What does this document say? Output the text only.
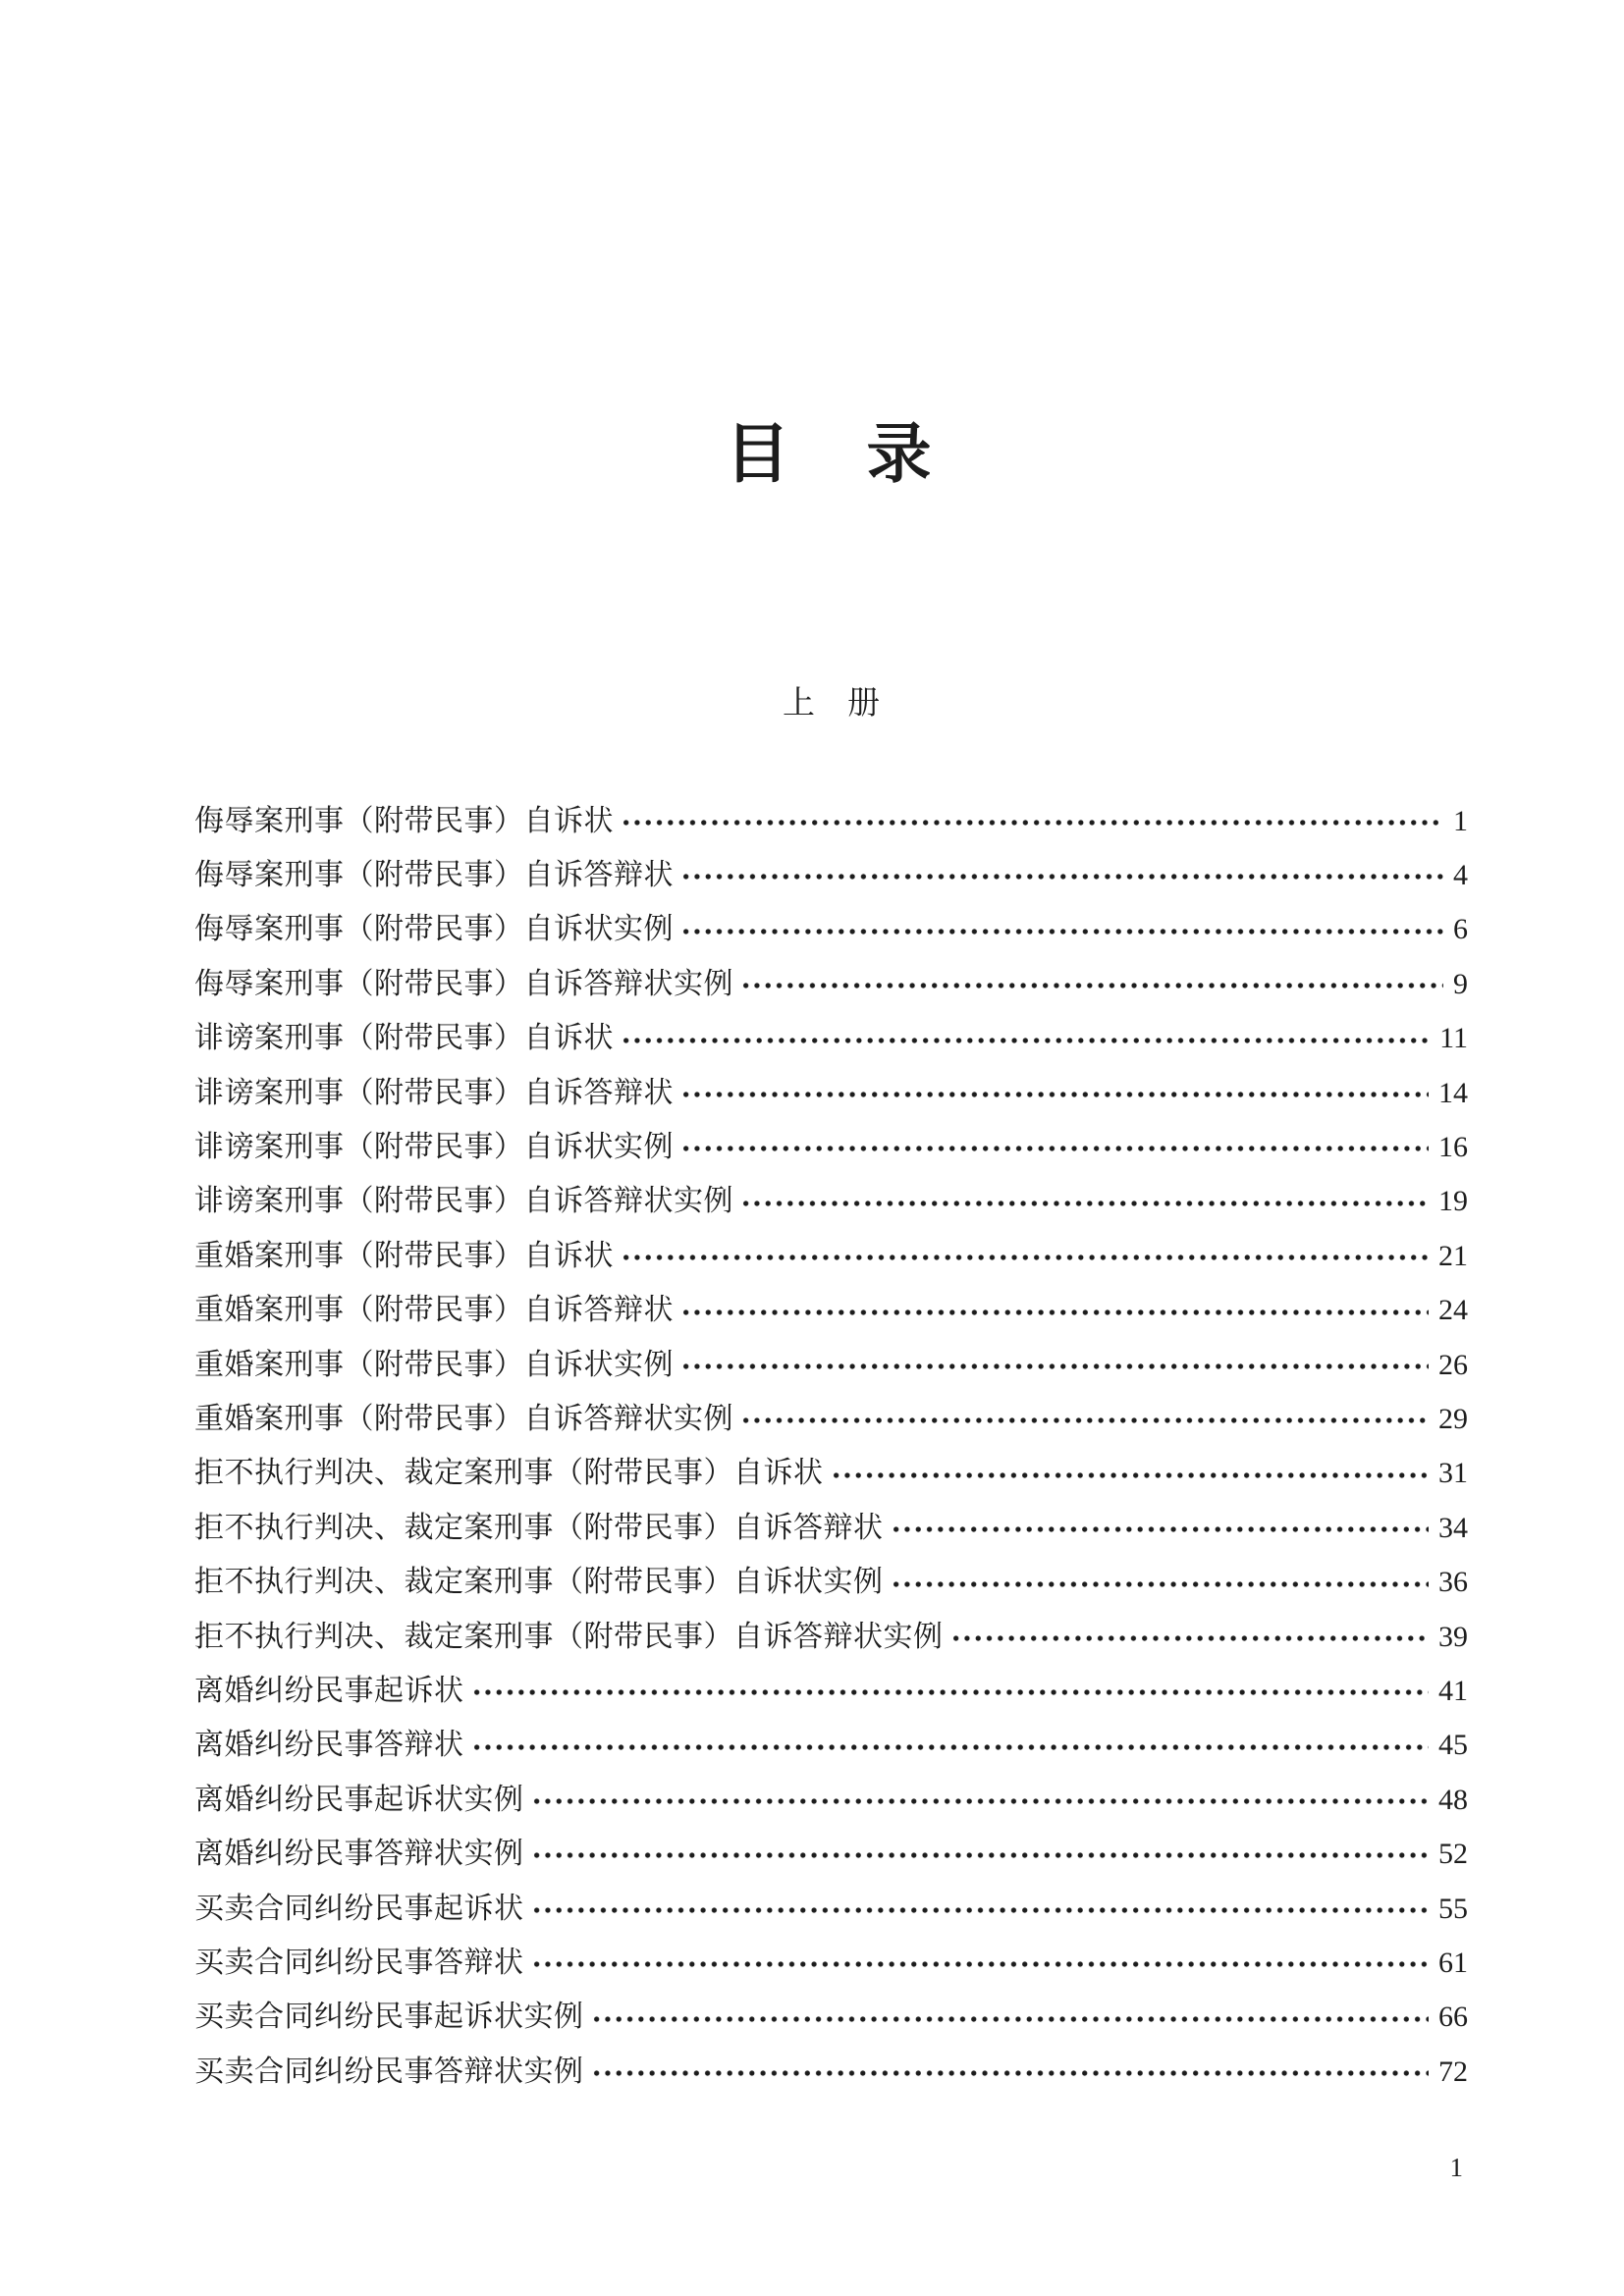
目　录
上　册
侮辱案刑事（附带民事）自诉状	1
侮辱案刑事（附带民事）自诉答辩状	4
侮辱案刑事（附带民事）自诉状实例	6
侮辱案刑事（附带民事）自诉答辩状实例	9
诽谤案刑事（附带民事）自诉状	11
诽谤案刑事（附带民事）自诉答辩状	14
诽谤案刑事（附带民事）自诉状实例	16
诽谤案刑事（附带民事）自诉答辩状实例	19
重婚案刑事（附带民事）自诉状	21
重婚案刑事（附带民事）自诉答辩状	24
重婚案刑事（附带民事）自诉状实例	26
重婚案刑事（附带民事）自诉答辩状实例	29
拒不执行判决、裁定案刑事（附带民事）自诉状	31
拒不执行判决、裁定案刑事（附带民事）自诉答辩状	34
拒不执行判决、裁定案刑事（附带民事）自诉状实例	36
拒不执行判决、裁定案刑事（附带民事）自诉答辩状实例	39
离婚纠纷民事起诉状	41
离婚纠纷民事答辩状	45
离婚纠纷民事起诉状实例	48
离婚纠纷民事答辩状实例	52
买卖合同纠纷民事起诉状	55
买卖合同纠纷民事答辩状	61
买卖合同纠纷民事起诉状实例	66
买卖合同纠纷民事答辩状实例	72
1
